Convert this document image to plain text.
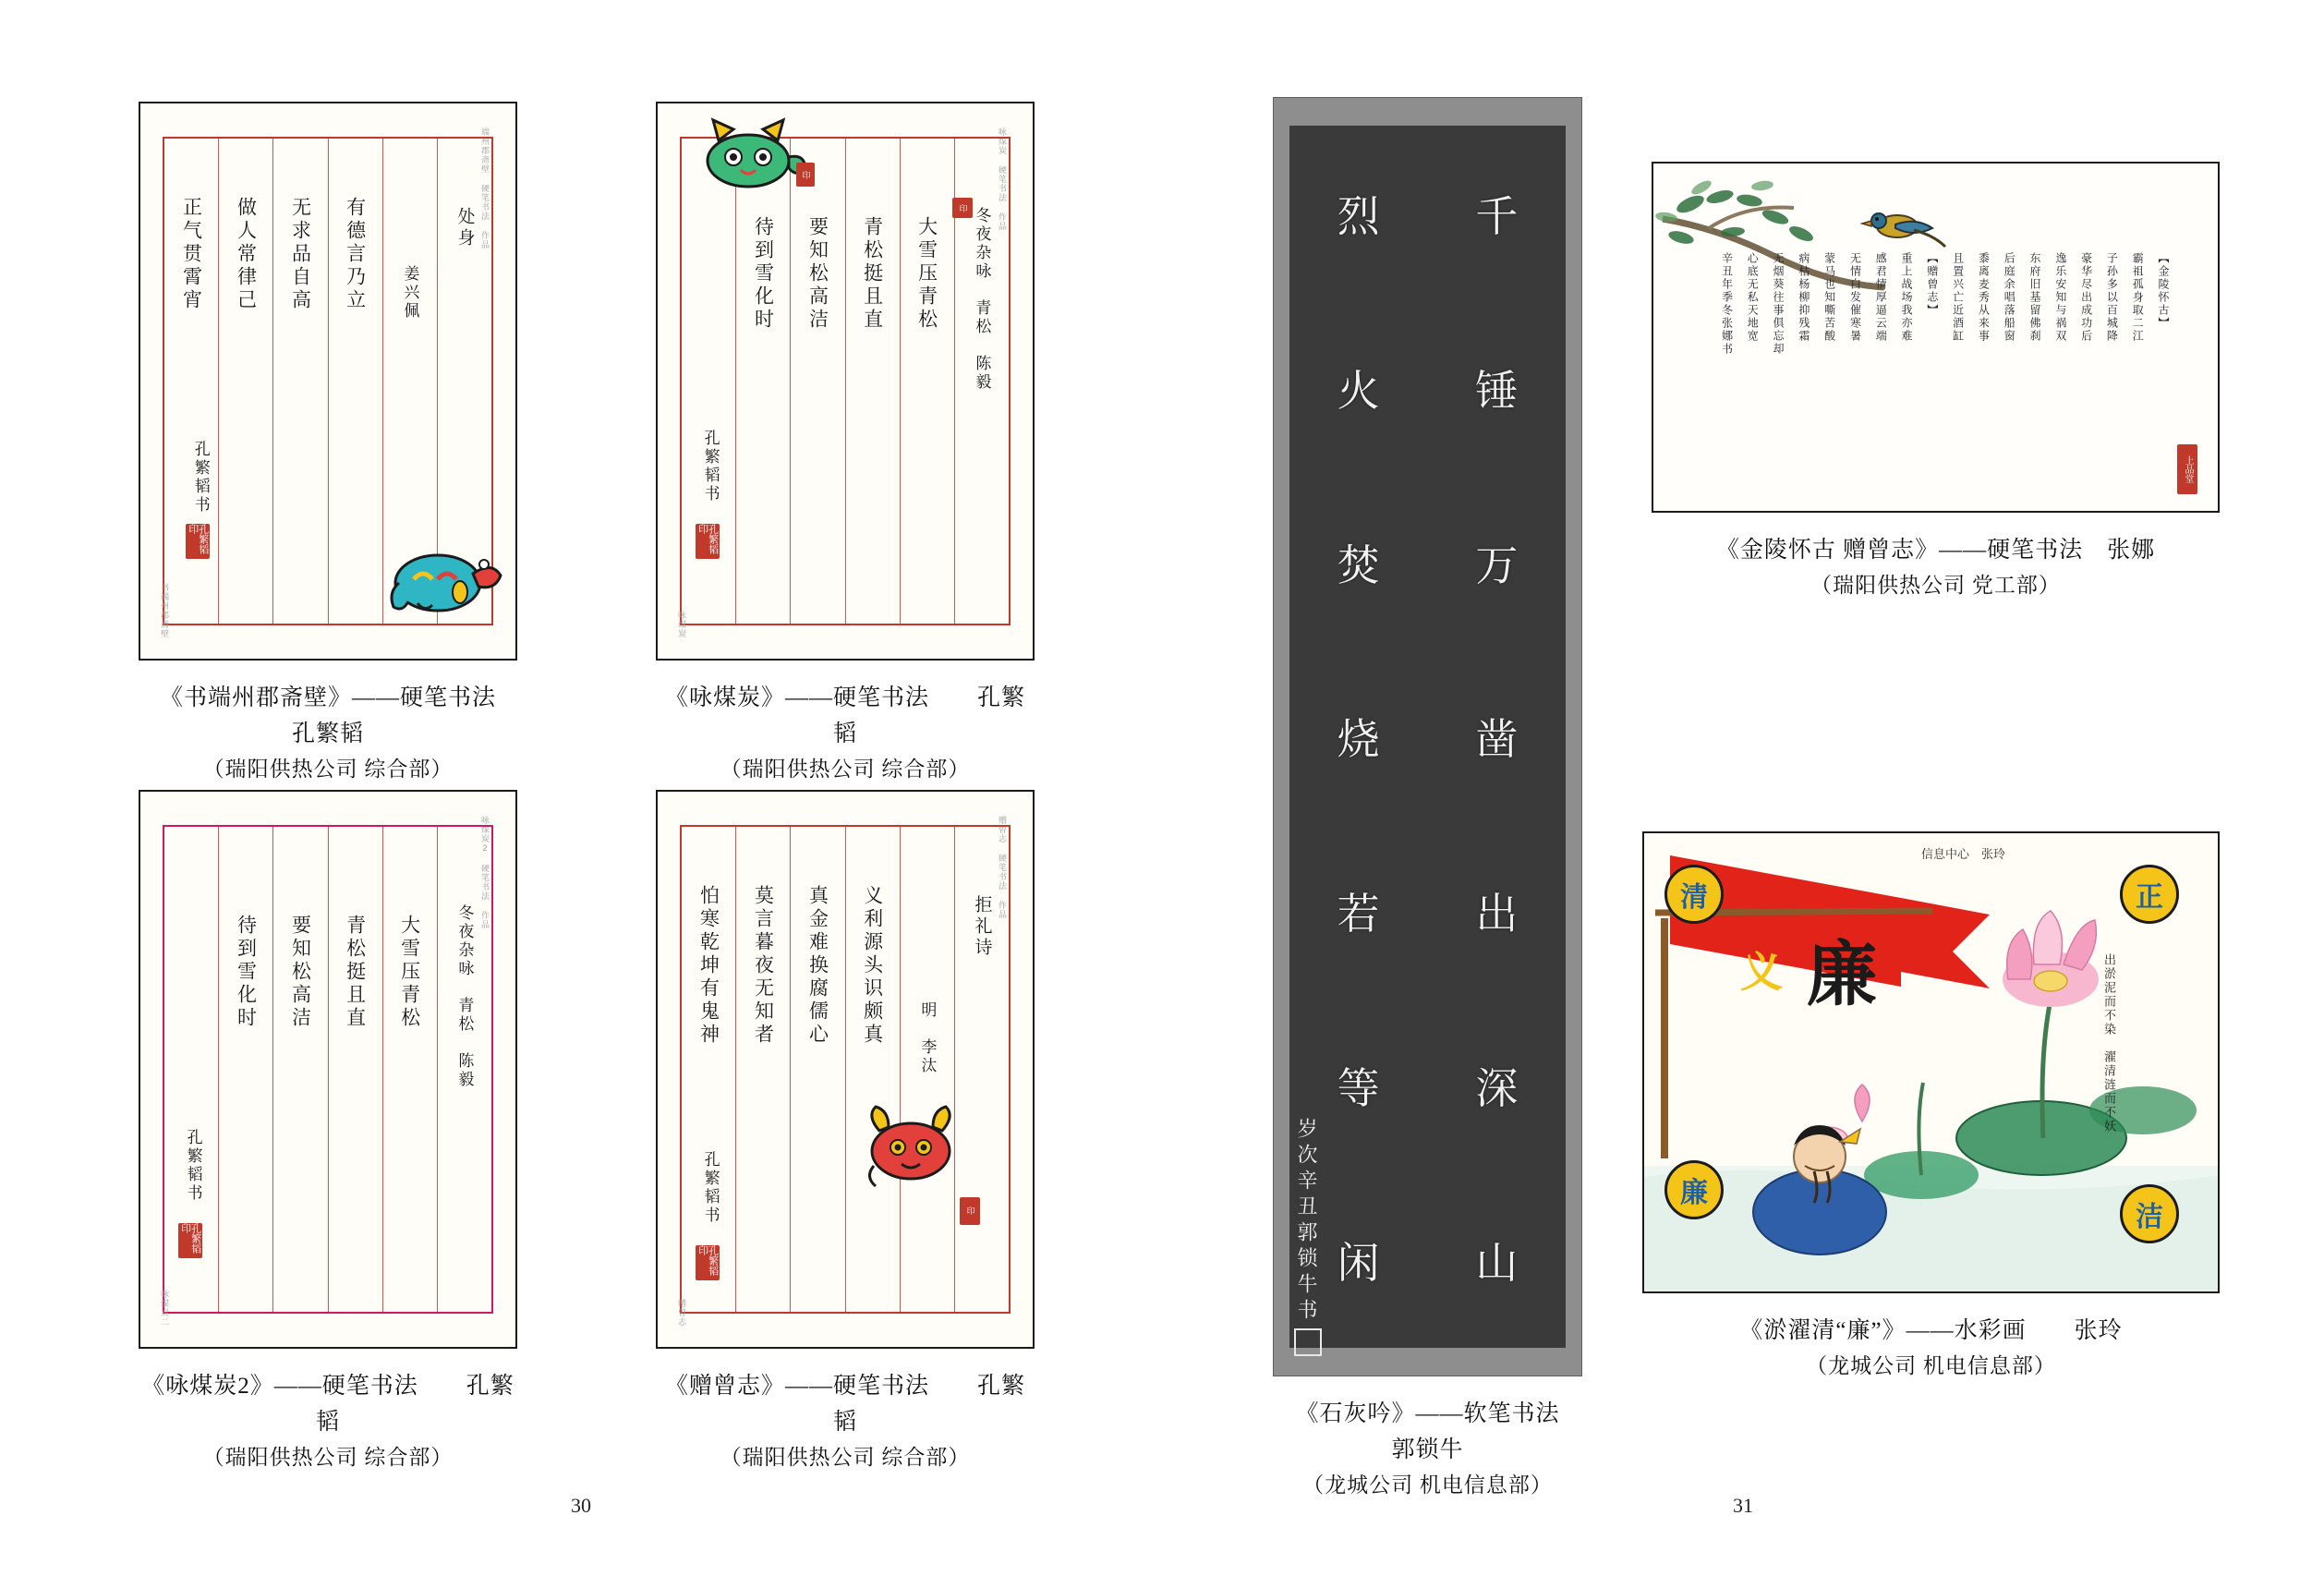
端州郡斋壁 硬笔书法 作品
处身
姜兴佩
有德言乃立
无求品自高
做人常律己
正气贯霄宵
孔繁韬书
孔繁韬印
书端州郡斋壁
《书端州郡斋壁》——硬笔书法　孔繁韬
（瑞阳供热公司 综合部）
咏煤炭 硬笔书法 作品
冬夜杂咏　青松　陈毅
大雪压青松
青松挺且直
要知松高洁
待到雪化时
孔繁韬书
孔繁韬印
印
咏煤炭
印
《咏煤炭》——硬笔书法　　孔繁韬
（瑞阳供热公司 综合部）
咏煤炭2 硬笔书法 作品
冬夜杂咏　青松　陈毅
大雪压青松
青松挺且直
要知松高洁
待到雪化时
孔繁韬书
孔繁韬印
咏煤炭二
《咏煤炭2》——硬笔书法　　孔繁韬
（瑞阳供热公司 综合部）
赠曾志 硬笔书法 作品
拒礼诗
明　李汰
义利源头识颇真
真金难换腐儒心
莫言暮夜无知者
怕寒乾坤有鬼神
孔繁韬书
孔繁韬印
印
赠曾志
《赠曾志》——硬笔书法　　孔繁韬
（瑞阳供热公司 综合部）
30
千
锤
万
凿
出
深
山
烈
火
焚
烧
若
等
闲
岁次辛丑郭锁牛书
《石灰吟》——软笔书法　　郭锁牛
（龙城公司 机电信息部）
【金陵怀古】
霸祖孤身取二江
子孙多以百城降
豪华尽出成功后
逸乐安知与祸双
东府旧基留佛刹
后庭余唱落船窗
黍离麦秀从来事
且置兴亡近酒缸
【赠曾志】
重上战场我亦难
感君情厚逼云端
无情白发催寒暑
蒙马也知嘶苦酸
病枯杨柳抑残霜
无烟葵往事俱忘却
心底无私天地宽
辛丑年季冬张娜书
上品堂
《金陵怀古 赠曾志》——硬笔书法　张娜
（瑞阳供热公司 党工部）
廉
义
清	正
廉
洁
出淤泥而不染　濯清涟而不妖
信息中心　张玲
《淤濯清“廉”》——水彩画　　张玲
（龙城公司 机电信息部）
31
